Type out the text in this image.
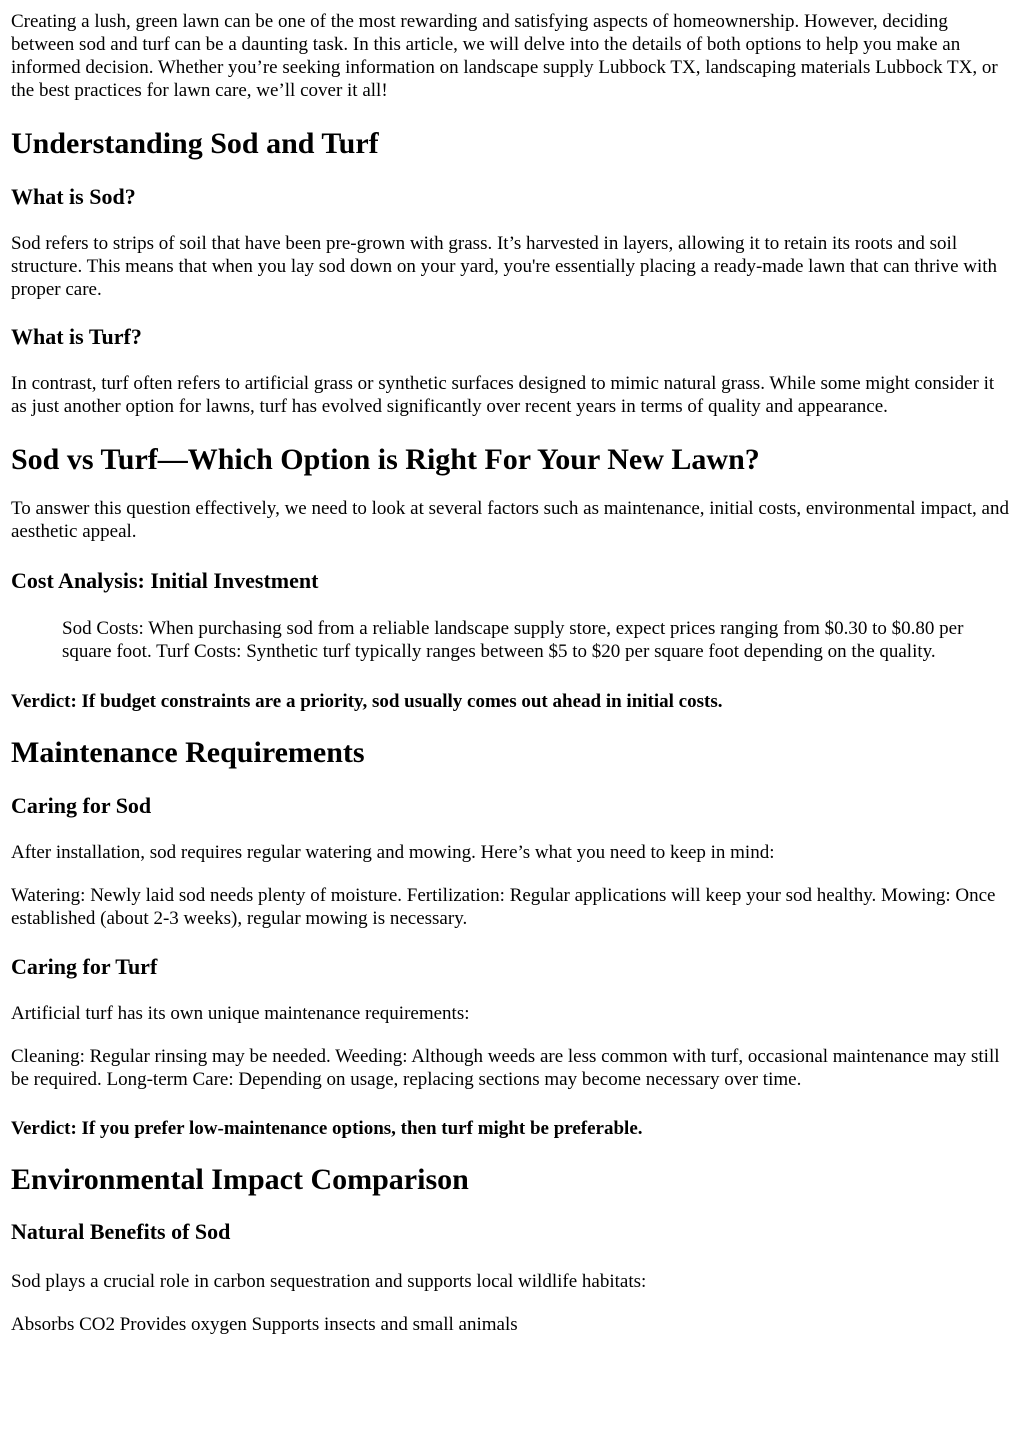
Creating a lush, green lawn can be one of the most rewarding and satisfying aspects of homeownership. However, deciding between sod and turf can be a daunting task. In this article, we will delve into the details of both options to help you make an informed decision. Whether you’re seeking information on landscape supply Lubbock TX, landscaping materials Lubbock TX, or the best practices for lawn care, we’ll cover it all!

Understanding Sod and Turf
What is Sod?

Sod refers to strips of soil that have been pre-grown with grass. It’s harvested in layers, allowing it to retain its roots and soil structure. This means that when you lay sod down on your yard, you're essentially placing a ready-made lawn that can thrive with proper care.

What is Turf?

In contrast, turf often refers to artificial grass or synthetic surfaces designed to mimic natural grass. While some might consider it as just another option for lawns, turf has evolved significantly over recent years in terms of quality and appearance.

Sod vs Turf—Which Option is Right For Your New Lawn?

To answer this question effectively, we need to look at several factors such as maintenance, initial costs, environmental impact, and aesthetic appeal.

Cost Analysis: Initial Investment
Sod Costs: When purchasing sod from a reliable landscape supply store, expect prices ranging from $0.30 to $0.80 per square foot. Turf Costs: Synthetic turf typically ranges between $5 to $20 per square foot depending on the quality.

Verdict: If budget constraints are a priority, sod usually comes out ahead in initial costs.

Maintenance Requirements
Caring for Sod

After installation, sod requires regular watering and mowing. Here’s what you need to keep in mind:

Watering: Newly laid sod needs plenty of moisture. Fertilization: Regular applications will keep your sod healthy. Mowing: Once established (about 2-3 weeks), regular mowing is necessary.

Caring for Turf

Artificial turf has its own unique maintenance requirements:

Cleaning: Regular rinsing may be needed. Weeding: Although weeds are less common with turf, occasional maintenance may still be required. Long-term Care: Depending on usage, replacing sections may become necessary over time.

Verdict: If you prefer low-maintenance options, then turf might be preferable.

Environmental Impact Comparison
Natural Benefits of Sod

Sod plays a crucial role in carbon sequestration and supports local wildlife habitats:

Absorbs CO2 Provides oxygen Supports insects and small animals
